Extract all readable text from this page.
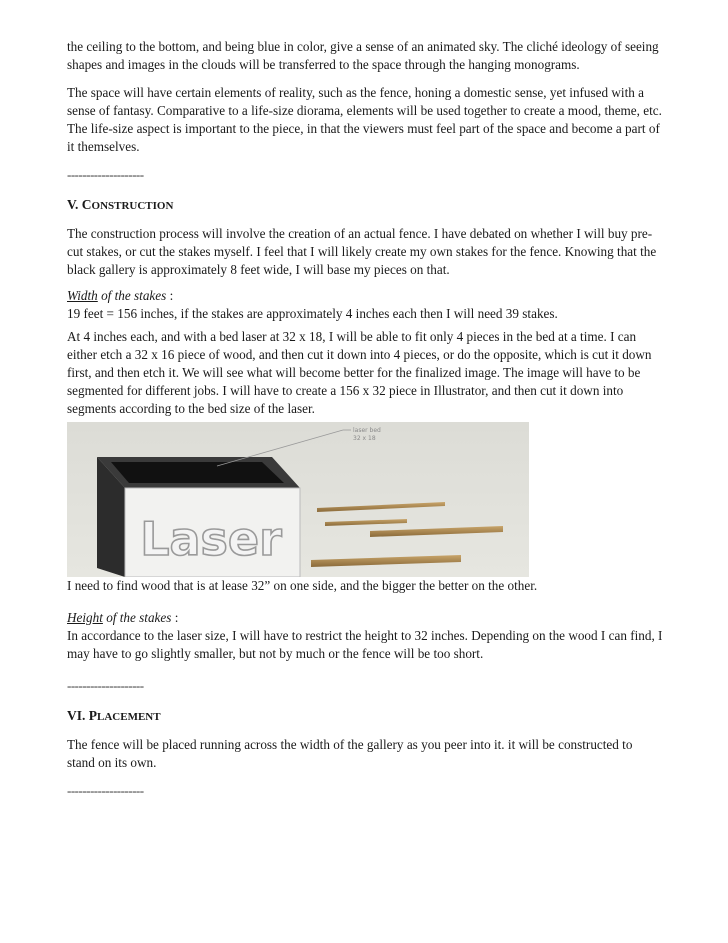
the ceiling to the bottom, and being blue in color, give a sense of an animated sky. The cliché ideology of seeing shapes and images in the clouds will be transferred to the space through the hanging monograms.

The space will have certain elements of reality, such as the fence, honing a domestic sense, yet infused with a sense of fantasy. Comparative to a life-size diorama, elements will be used together to create a mood, theme, etc. The life-size aspect is important to the piece, in that the viewers must feel part of the space and become a part of it themselves.

--------------------

V. CONSTRUCTION

The construction process will involve the creation of an actual fence. I have debated on whether I will buy pre-cut stakes, or cut the stakes myself. I feel that I will likely create my own stakes for the fence. Knowing that the black gallery is approximately 8 feet wide, I will base my pieces on that.

Width of the stakes :

19 feet = 156 inches, if the stakes are approximately 4 inches each then I will need 39 stakes.

At 4 inches each, and with a bed laser at 32 x 18, I will be able to fit only 4 pieces in the bed at a time. I can either etch a 32 x 16 piece of wood, and then cut it down into 4 pieces, or do the opposite, which is cut it down first, and then etch it. We will see what will become better for the finalized image. The image will have to be segmented for different jobs. I will have to create a 156 x 32 piece in Illustrator, and then cut it down into segments according to the bed size of the laser.

Laser
laser bed
32 x 18

I need to find wood that is at lease 32” on one side, and the bigger the better on the other.

Height of the stakes :

In accordance to the laser size, I will have to restrict the height to 32 inches. Depending on the wood I can find, I may have to go slightly smaller, but not by much or the fence will be too short.

--------------------

VI. PLACEMENT

The fence will be placed running across the width of the gallery as you peer into it. it will be constructed to stand on its own.

--------------------
